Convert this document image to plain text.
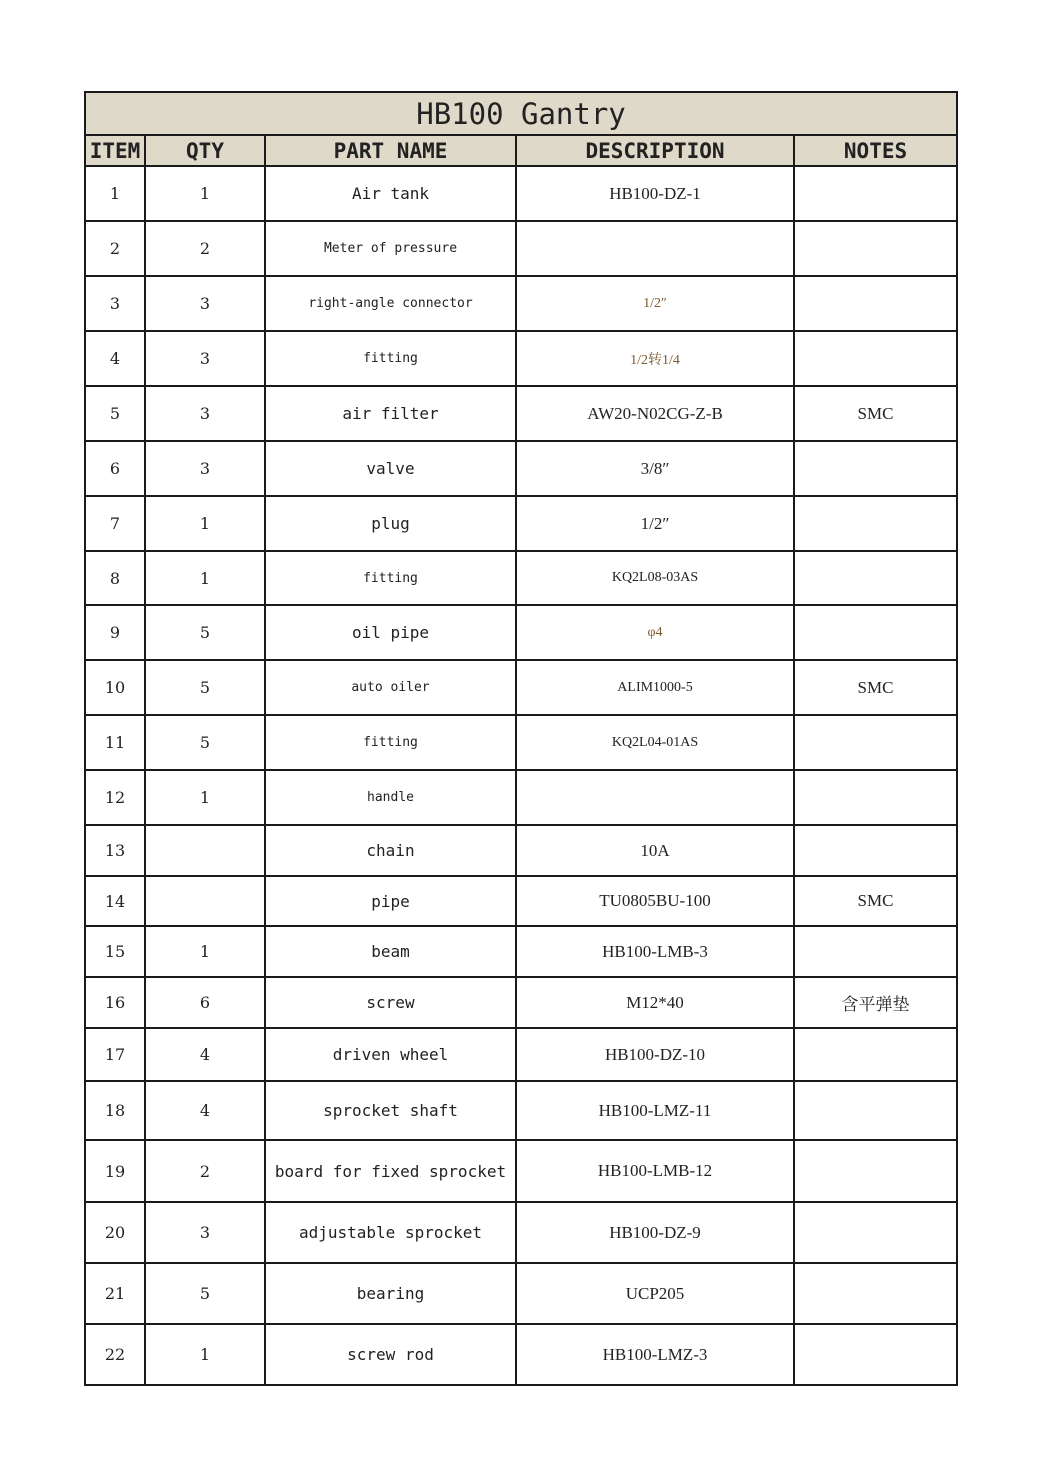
HB100 Gantry				
ITEM	QTY	PART NAME	DESCRIPTION	NOTES
1	1	Air tank	HB100-DZ-1	
2	2	Meter of pressure		
3	3	right-angle connector	1/2″	
4	3	fitting	1/2转1/4	
5	3	air filter	AW20-N02CG-Z-B	SMC
6	3	valve	3/8″	
7	1	plug	1/2″	
8	1	fitting	KQ2L08-03AS	
9	5	oil pipe	φ4	
10	5	auto oiler	ALIM1000-5	SMC
11	5	fitting	KQ2L04-01AS	
12	1	handle		
13		chain	10A	
14		pipe	TU0805BU-100	SMC
15	1	beam	HB100-LMB-3	
16	6	screw	M12*40	含平弹垫
17	4	driven wheel	HB100-DZ-10	
18	4	sprocket shaft	HB100-LMZ-11	
19	2	board for fixed sprocket	HB100-LMB-12	
20	3	adjustable sprocket	HB100-DZ-9	
21	5	bearing	UCP205	
22	1	screw rod	HB100-LMZ-3	
